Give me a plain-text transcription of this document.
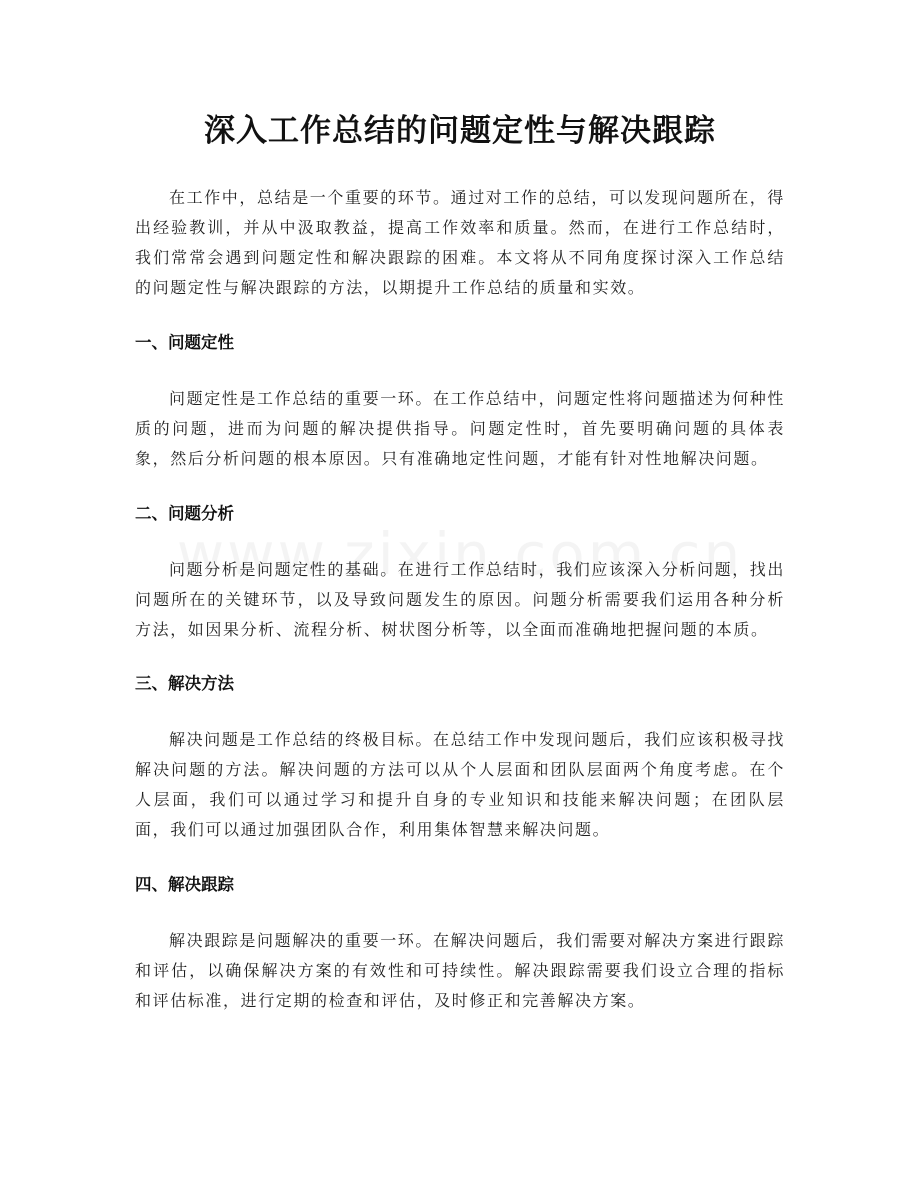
深入工作总结的问题定性与解决跟踪

在工作中，总结是一个重要的环节。通过对工作的总结，可以发现问题所在，得出经验教训，并从中汲取教益，提高工作效率和质量。然而，在进行工作总结时，我们常常会遇到问题定性和解决跟踪的困难。本文将从不同角度探讨深入工作总结的问题定性与解决跟踪的方法，以期提升工作总结的质量和实效。

一、问题定性

问题定性是工作总结的重要一环。在工作总结中，问题定性将问题描述为何种性质的问题，进而为问题的解决提供指导。问题定性时，首先要明确问题的具体表象，然后分析问题的根本原因。只有准确地定性问题，才能有针对性地解决问题。

二、问题分析

问题分析是问题定性的基础。在进行工作总结时，我们应该深入分析问题，找出问题所在的关键环节，以及导致问题发生的原因。问题分析需要我们运用各种分析方法，如因果分析、流程分析、树状图分析等，以全面而准确地把握问题的本质。

三、解决方法

解决问题是工作总结的终极目标。在总结工作中发现问题后，我们应该积极寻找解决问题的方法。解决问题的方法可以从个人层面和团队层面两个角度考虑。在个人层面，我们可以通过学习和提升自身的专业知识和技能来解决问题；在团队层面，我们可以通过加强团队合作，利用集体智慧来解决问题。

四、解决跟踪

解决跟踪是问题解决的重要一环。在解决问题后，我们需要对解决方案进行跟踪和评估，以确保解决方案的有效性和可持续性。解决跟踪需要我们设立合理的指标和评估标准，进行定期的检查和评估，及时修正和完善解决方案。
